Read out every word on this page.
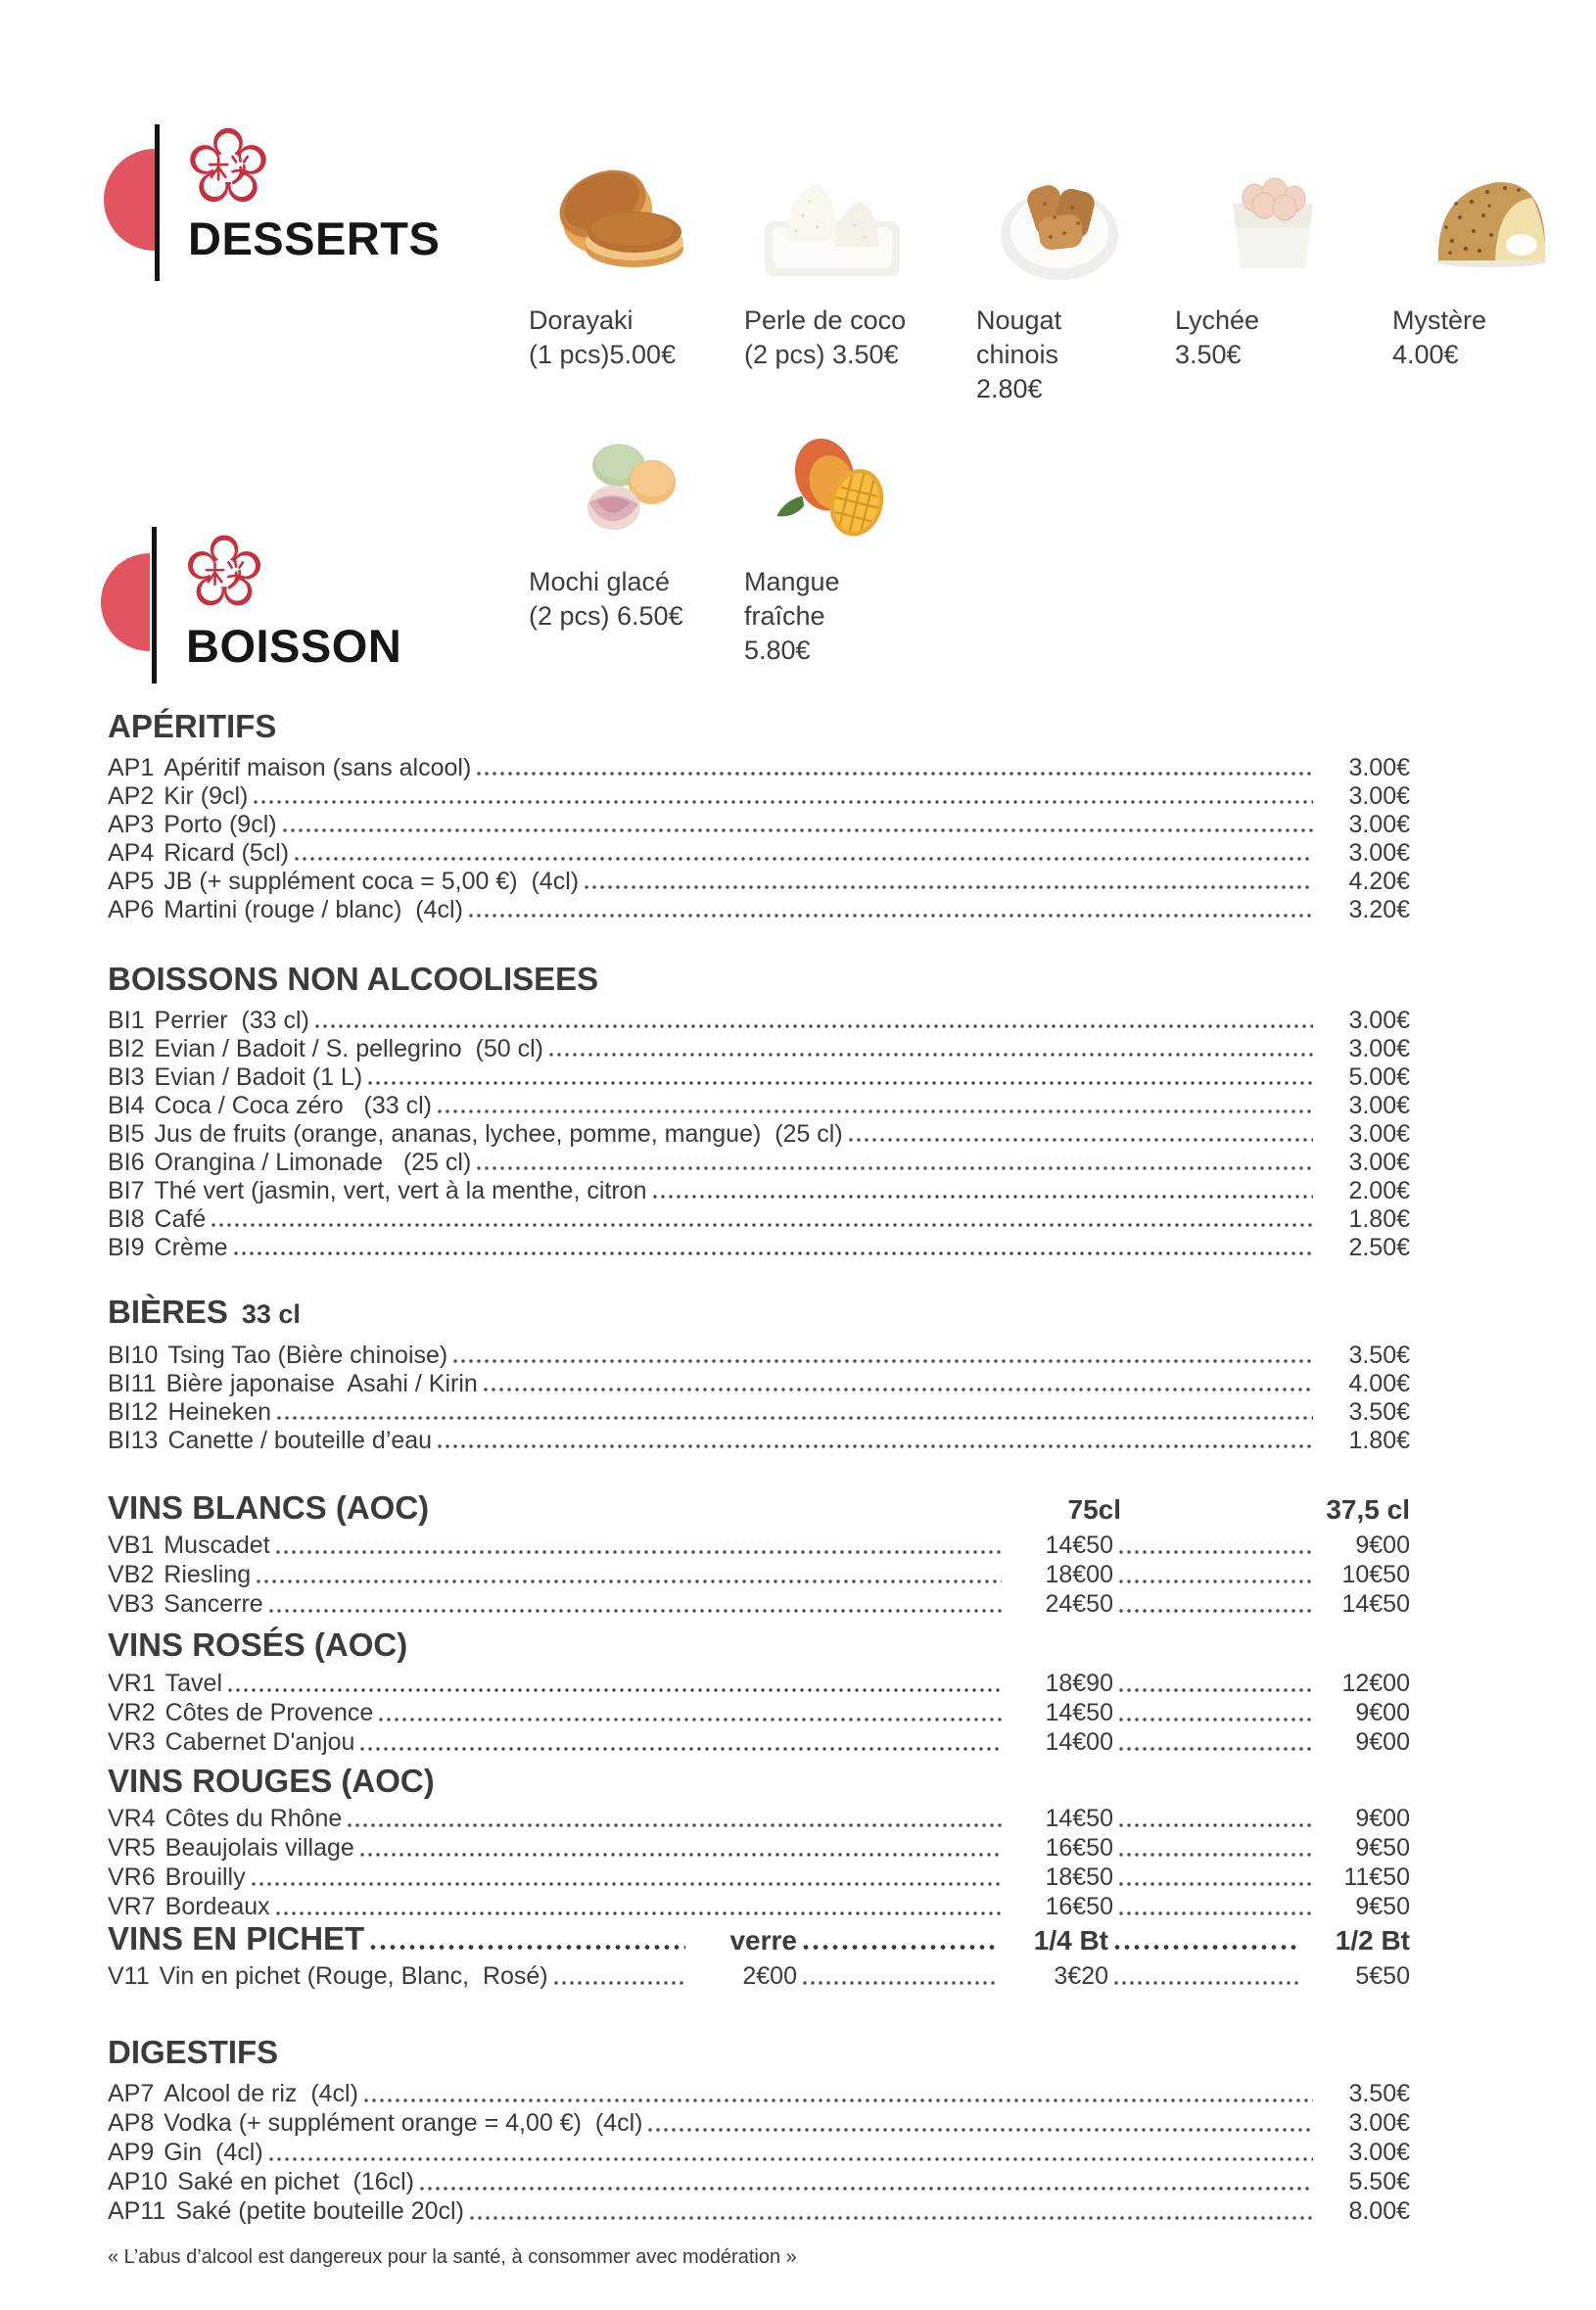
DESSERTS
Dorayaki
(1 pcs)5.00€
Perle de coco
(2 pcs) 3.50€
Nougat chinois
2.80€
Lychée
3.50€
Mystère
4.00€
Mochi glacé
(2 pcs) 6.50€
Mangue fraîche
5.80€
BOISSON
APÉRITIFS
AP1 Apéritif maison (sans alcool)	3.00€
AP2 Kir (9cl)	3.00€
AP3 Porto (9cl)	3.00€
AP4 Ricard (5cl)	3.00€
AP5 JB (+ supplément coca = 5,00 €)  (4cl)	4.20€
AP6 Martini (rouge / blanc)  (4cl)	3.20€
BOISSONS NON ALCOOLISEES
BI1 Perrier  (33 cl)	3.00€
BI2 Evian / Badoit / S. pellegrino  (50 cl)	3.00€
BI3 Evian / Badoit (1 L)	5.00€
BI4 Coca / Coca zéro   (33 cl)	3.00€
BI5 Jus de fruits (orange, ananas, lychee, pomme, mangue)  (25 cl)	3.00€
BI6 Orangina / Limonade   (25 cl)	3.00€
BI7 Thé vert (jasmin, vert, vert à la menthe, citron	2.00€
BI8 Café	1.80€
BI9 Crème	2.50€
BIÈRES 33 cl
BI10 Tsing Tao (Bière chinoise)	3.50€
BI11 Bière japonaise  Asahi / Kirin	4.00€
BI12 Heineken	3.50€
BI13 Canette / bouteille d’eau	1.80€
VINS BLANCS (AOC)	75cl	37,5 cl
VB1 Muscadet	14€50	9€00
VB2 Riesling	18€00	10€50
VB3 Sancerre	24€50	14€50
VINS ROSÉS (AOC)
VR1 Tavel	18€90	12€00
VR2 Côtes de Provence	14€50	9€00
VR3 Cabernet D'anjou	14€00	9€00
VINS ROUGES (AOC)
VR4 Côtes du Rhône	14€50	9€00
VR5 Beaujolais village	16€50	9€50
VR6 Brouilly	18€50	11€50
VR7 Bordeaux	16€50	9€50
VINS EN PICHET	verre	1/4 Bt	1/2 Bt
V11 Vin en pichet (Rouge, Blanc,  Rosé)	2€00	3€20	5€50
DIGESTIFS
AP7 Alcool de riz  (4cl)	3.50€
AP8 Vodka (+ supplément orange = 4,00 €)  (4cl)	3.00€
AP9 Gin  (4cl)	3.00€
AP10 Saké en pichet  (16cl)	5.50€
AP11 Saké (petite bouteille 20cl)	8.00€
« L’abus d’alcool est dangereux pour la santé, à consommer avec modération »
